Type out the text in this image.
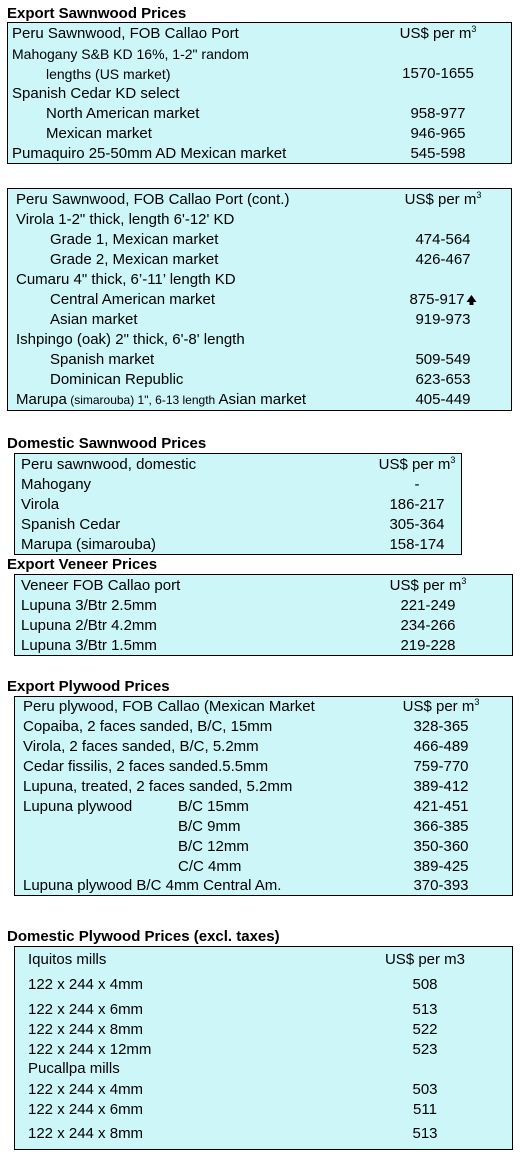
Export Sawnwood Prices
Peru Sawnwood, FOB Callao Port	US$ per $m^3$
Mahogany S&B KD 16%, 1-2" random
lengths (US market)	1570-1655
Spanish Cedar KD select
North American market	958-977
Mexican market	946-965
Pumaquiro 25-50mm AD Mexican market	545-598
Peru Sawnwood, FOB Callao Port (cont.)	US$ per $m^3$
Virola 1-2" thick, length 6'-12' KD
Grade 1, Mexican market	474-564
Grade 2, Mexican market	426-467
Cumaru 4" thick, 6’-11’ length KD
Central American market	875-917
Asian market	919-973
Ishpingo (oak) 2" thick, 6'-8' length
Spanish market	509-549
Dominican Republic	623-653
Marupa (simarouba) 1", 6-13 length Asian market	405-449
Domestic Sawnwood Prices
Peru sawnwood, domestic	US$ per $m^3$
Mahogany	-
Virola	186-217
Spanish Cedar	305-364
Marupa (simarouba)	158-174
Export Veneer Prices
Veneer FOB Callao port	US$ per $m^3$
Lupuna 3/Btr 2.5mm	221-249
Lupuna 2/Btr 4.2mm	234-266
Lupuna 3/Btr 1.5mm	219-228
Export Plywood Prices
Peru plywood, FOB Callao (Mexican Market	US$ per $m^3$
Copaiba, 2 faces sanded, B/C, 15mm	328-365
Virola, 2 faces sanded, B/C, 5.2mm	466-489
Cedar fissilis, 2 faces sanded.5.5mm	759-770
Lupuna, treated, 2 faces sanded, 5.2mm	389-412
Lupuna plywood	B/C 15mm	421-451
B/C 9mm	366-385
B/C 12mm	350-360
C/C 4mm	389-425
Lupuna plywood B/C 4mm Central Am.	370-393
Domestic Plywood Prices (excl. taxes)
Iquitos mills	US$ per m3
122 x 244 x 4mm	508
122 x 244 x 6mm	513
122 x 244 x 8mm	522
122 x 244 x 12mm	523
Pucallpa mills
122 x 244 x 4mm	503
122 x 244 x 6mm	511
122 x 244 x 8mm	513
